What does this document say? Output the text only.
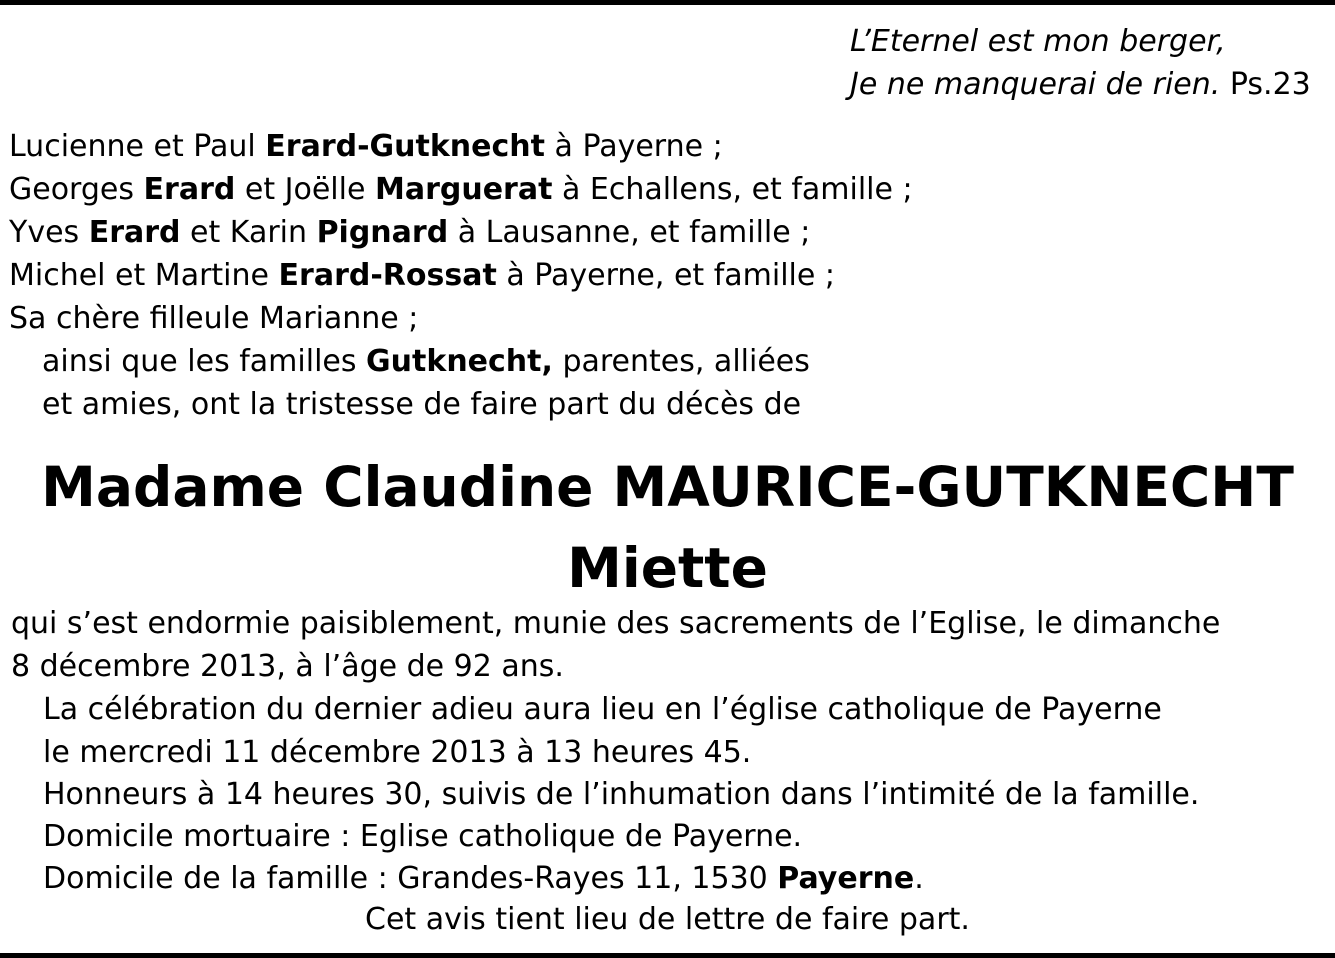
L’Eternel est mon berger,
Je ne manquerai de rien. Ps.23
Lucienne et Paul Erard-Gutknecht à Payerne ;
Georges Erard et Joëlle Marguerat à Echallens, et famille ;
Yves Erard et Karin Pignard à Lausanne, et famille ;
Michel et Martine Erard-Rossat à Payerne, et famille ;
Sa chère filleule Marianne ;
ainsi que les familles Gutknecht, parentes, alliées
et amies, ont la tristesse de faire part du décès de
Madame Claudine MAURICE-GUTKNECHT
Miette
qui s’est endormie paisiblement, munie des sacrements de l’Eglise, le dimanche
8 décembre 2013, à l’âge de 92 ans.
La célébration du dernier adieu aura lieu en l’église catholique de Payerne
le mercredi 11 décembre 2013 à 13 heures 45.
Honneurs à 14 heures 30, suivis de l’inhumation dans l’intimité de la famille.
Domicile mortuaire : Eglise catholique de Payerne.
Domicile de la famille : Grandes-Rayes 11, 1530 Payerne.
Cet avis tient lieu de lettre de faire part.
